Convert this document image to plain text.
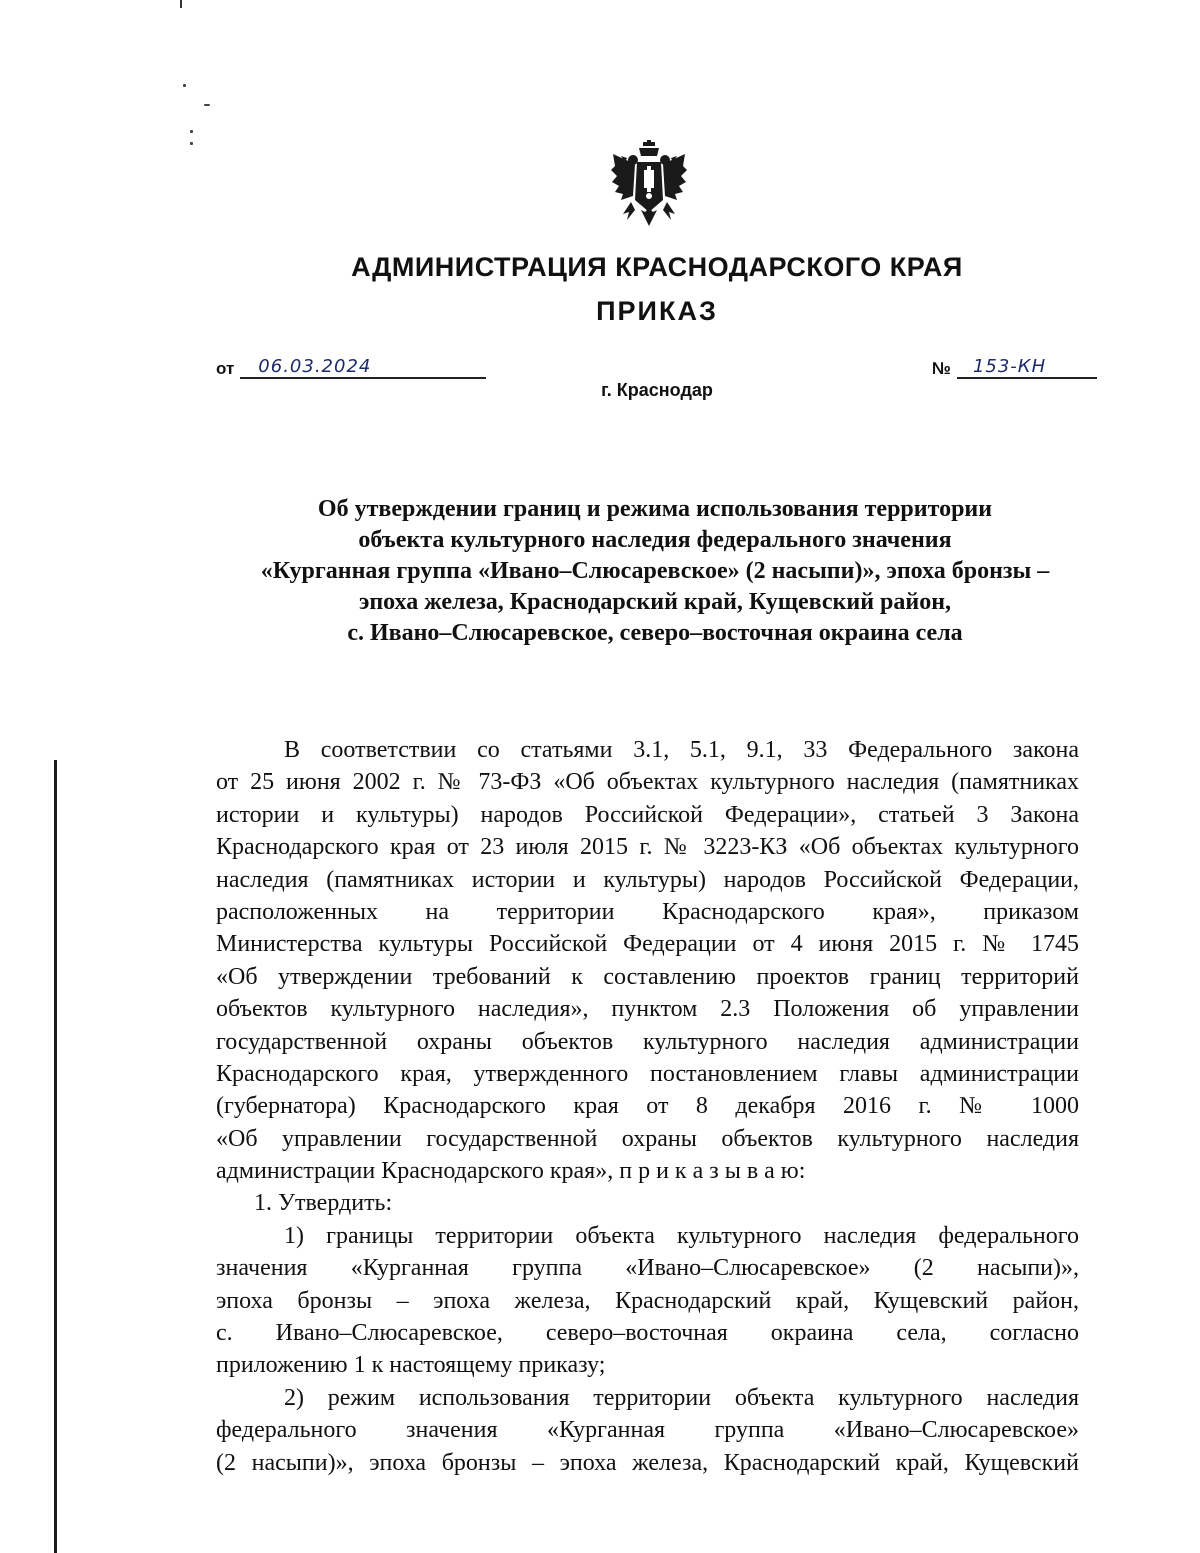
АДМИНИСТРАЦИЯ КРАСНОДАРСКОГО КРАЯ
ПРИКАЗ
от	06.03.2024	№	153-КН
г. Краснодар
Об утверждении границ и режима использования территории
объекта культурного наследия федерального значения
«Курганная группа «Ивано–Слюсаревское» (2 насыпи)», эпоха бронзы –
эпоха железа, Краснодарский край, Кущевский район,
с. Ивано–Слюсаревское, северо–восточная окраина села
В соответствии со статьями 3.1, 5.1, 9.1, 33 Федерального закона
от 25 июня 2002 г. № 73-ФЗ «Об объектах культурного наследия (памятниках
истории и культуры) народов Российской Федерации», статьей 3 Закона
Краснодарского края от 23 июля 2015 г. № 3223-КЗ «Об объектах культурного
наследия (памятниках истории и культуры) народов Российской Федерации,
расположенных на территории Краснодарского края», приказом
Министерства культуры Российской Федерации от 4 июня 2015 г. № 1745
«Об утверждении требований к составлению проектов границ территорий
объектов культурного наследия», пунктом 2.3 Положения об управлении
государственной охраны объектов культурного наследия администрации
Краснодарского края, утвержденного постановлением главы администрации
(губернатора) Краснодарского края от 8 декабря 2016 г. № 1000
«Об управлении государственной охраны объектов культурного наследия
администрации Краснодарского края», п р и к а з ы в а ю:
1. Утвердить:
1) границы территории объекта культурного наследия федерального
значения «Курганная группа «Ивано–Слюсаревское» (2 насыпи)»,
эпоха бронзы – эпоха железа, Краснодарский край, Кущевский район,
с. Ивано–Слюсаревское, северо–восточная окраина села, согласно
приложению 1 к настоящему приказу;
2) режим использования территории объекта культурного наследия
федерального значения «Курганная группа «Ивано–Слюсаревское»
(2 насыпи)», эпоха бронзы – эпоха железа, Краснодарский край, Кущевский
